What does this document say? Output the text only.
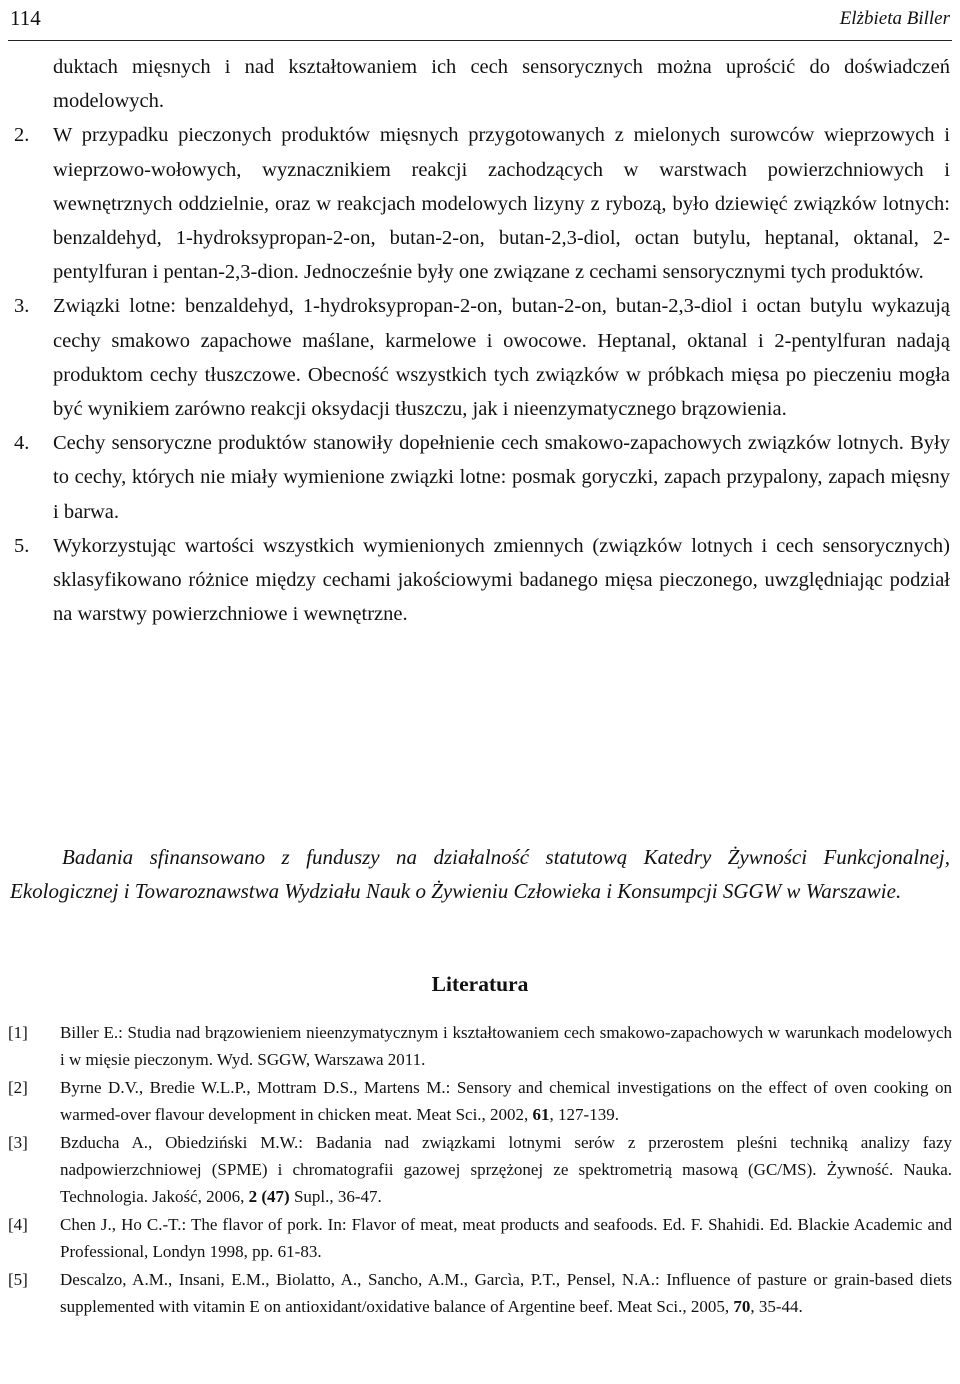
114	Elżbieta Biller

duktach mięsnych i nad kształtowaniem ich cech sensorycznych można uprościć do doświadczeń modelowych.

2. W przypadku pieczonych produktów mięsnych przygotowanych z mielonych surowców wieprzowych i wieprzowo-wołowych, wyznacznikiem reakcji zachodzących w warstwach powierzchniowych i wewnętrznych oddzielnie, oraz w reakcjach modelowych lizyny z rybozą, było dziewięć związków lotnych: benzaldehyd, 1-hydroksypropan-2-on, butan-2-on, butan-2,3-diol, octan butylu, heptanal, oktanal, 2-pentylfuran i pentan-2,3-dion. Jednocześnie były one związane z cechami sensorycznymi tych produktów.

3. Związki lotne: benzaldehyd, 1-hydroksypropan-2-on, butan-2-on, butan-2,3-diol i octan butylu wykazują cechy smakowo zapachowe maślane, karmelowe i owocowe. Heptanal, oktanal i 2-pentylfuran nadają produktom cechy tłuszczowe. Obecność wszystkich tych związków w próbkach mięsa po pieczeniu mogła być wynikiem zarówno reakcji oksydacji tłuszczu, jak i nieenzymatycznego brązowienia.

4. Cechy sensoryczne produktów stanowiły dopełnienie cech smakowo-zapachowych związków lotnych. Były to cechy, których nie miały wymienione związki lotne: posmak goryczki, zapach przypalony, zapach mięsny i barwa.

5. Wykorzystując wartości wszystkich wymienionych zmiennych (związków lotnych i cech sensorycznych) sklasyfikowano różnice między cechami jakościowymi badanego mięsa pieczonego, uwzględniając podział na warstwy powierzchniowe i wewnętrzne.

Badania sfinansowano z funduszy na działalność statutową Katedry Żywności Funkcjonalnej, Ekologicznej i Towaroznawstwa Wydziału Nauk o Żywieniu Człowieka i Konsumpcji SGGW w Warszawie.

Literatura
[1] Biller E.: Studia nad brązowieniem nieenzymatycznym i kształtowaniem cech smakowo-zapachowych w warunkach modelowych i w mięsie pieczonym. Wyd. SGGW, Warszawa 2011.
[2] Byrne D.V., Bredie W.L.P., Mottram D.S., Martens M.: Sensory and chemical investigations on the effect of oven cooking on warmed-over flavour development in chicken meat. Meat Sci., 2002, 61, 127-139.
[3] Bzducha A., Obiedziński M.W.: Badania nad związkami lotnymi serów z przerostem pleśni techniką analizy fazy nadpowierzchniowej (SPME) i chromatografii gazowej sprzężonej ze spektrometrią masową (GC/MS). Żywność. Nauka. Technologia. Jakość, 2006, 2 (47) Supl., 36-47.
[4] Chen J., Ho C.-T.: The flavor of pork. In: Flavor of meat, meat products and seafoods. Ed. F. Shahidi. Ed. Blackie Academic and Professional, Londyn 1998, pp. 61-83.
[5] Descalzo, A.M., Insani, E.M., Biolatto, A., Sancho, A.M., Garcìa, P.T., Pensel, N.A.: Influence of pasture or grain-based diets supplemented with vitamin E on antioxidant/oxidative balance of Argentine beef. Meat Sci., 2005, 70, 35-44.
